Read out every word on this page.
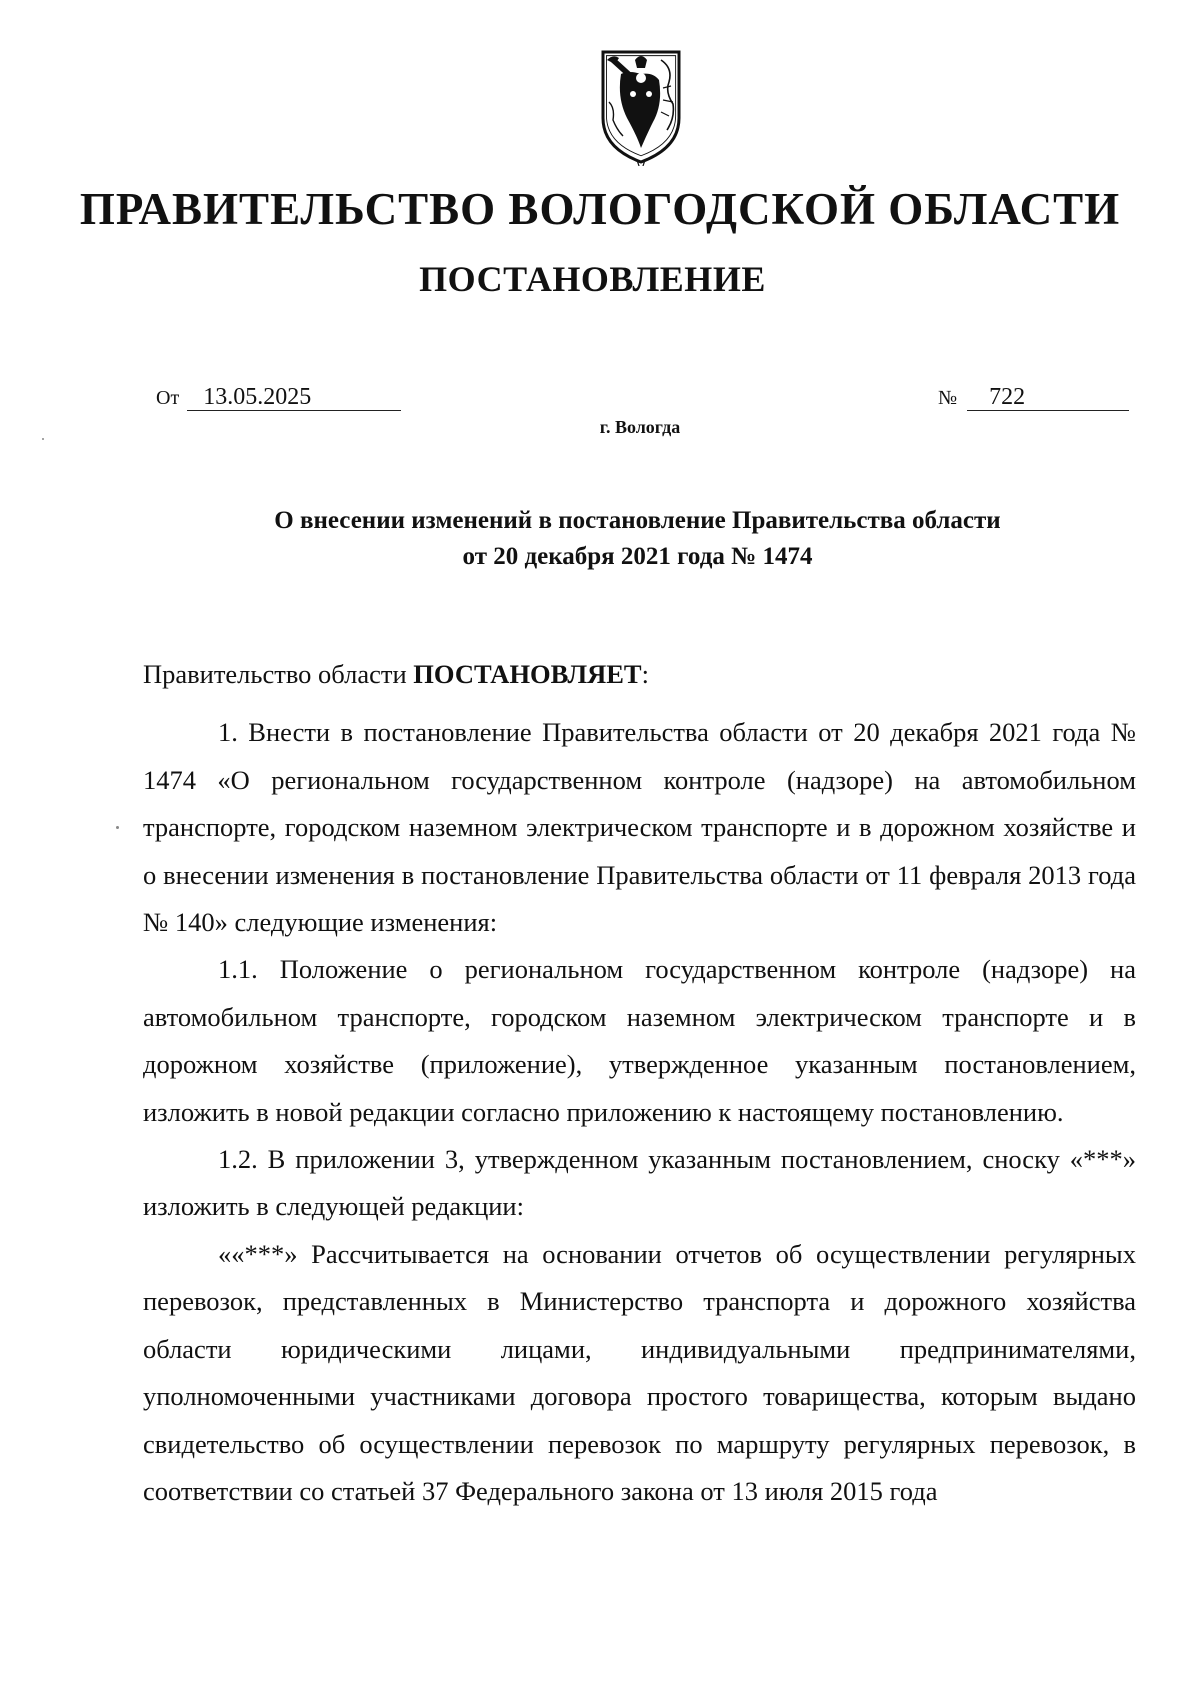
ПРАВИТЕЛЬСТВО ВОЛОГОДСКОЙ ОБЛАСТИ
ПОСТАНОВЛЕНИЕ
От 13.05.2025	№ 722
г. Вологда
О внесении изменений в постановление Правительства области
от 20 декабря 2021 года № 1474

Правительство области ПОСТАНОВЛЯЕТ:

1. Внести в постановление Правительства области от 20 декабря 2021 года № 1474 «О региональном государственном контроле (надзоре) на автомобильном транспорте, городском наземном электрическом транспорте и в дорожном хозяйстве и о внесении изменения в постановление Правительства области от 11 февраля 2013 года № 140» следующие изменения:

1.1. Положение о региональном государственном контроле (надзоре) на автомобильном транспорте, городском наземном электрическом транспорте и в дорожном хозяйстве (приложение), утвержденное указанным постановлением, изложить в новой редакции согласно приложению к настоящему постановлению.

1.2. В приложении 3, утвержденном указанным постановлением, сноску «***» изложить в следующей редакции:

««***» Рассчитывается на основании отчетов об осуществлении регулярных перевозок, представленных в Министерство транспорта и дорожного хозяйства области юридическими лицами, индивидуальными предпринимателями, уполномоченными участниками договора простого товарищества, которым выдано свидетельство об осуществлении перевозок по маршруту регулярных перевозок, в соответствии со статьей 37 Федерального закона от 13 июля 2015 года
